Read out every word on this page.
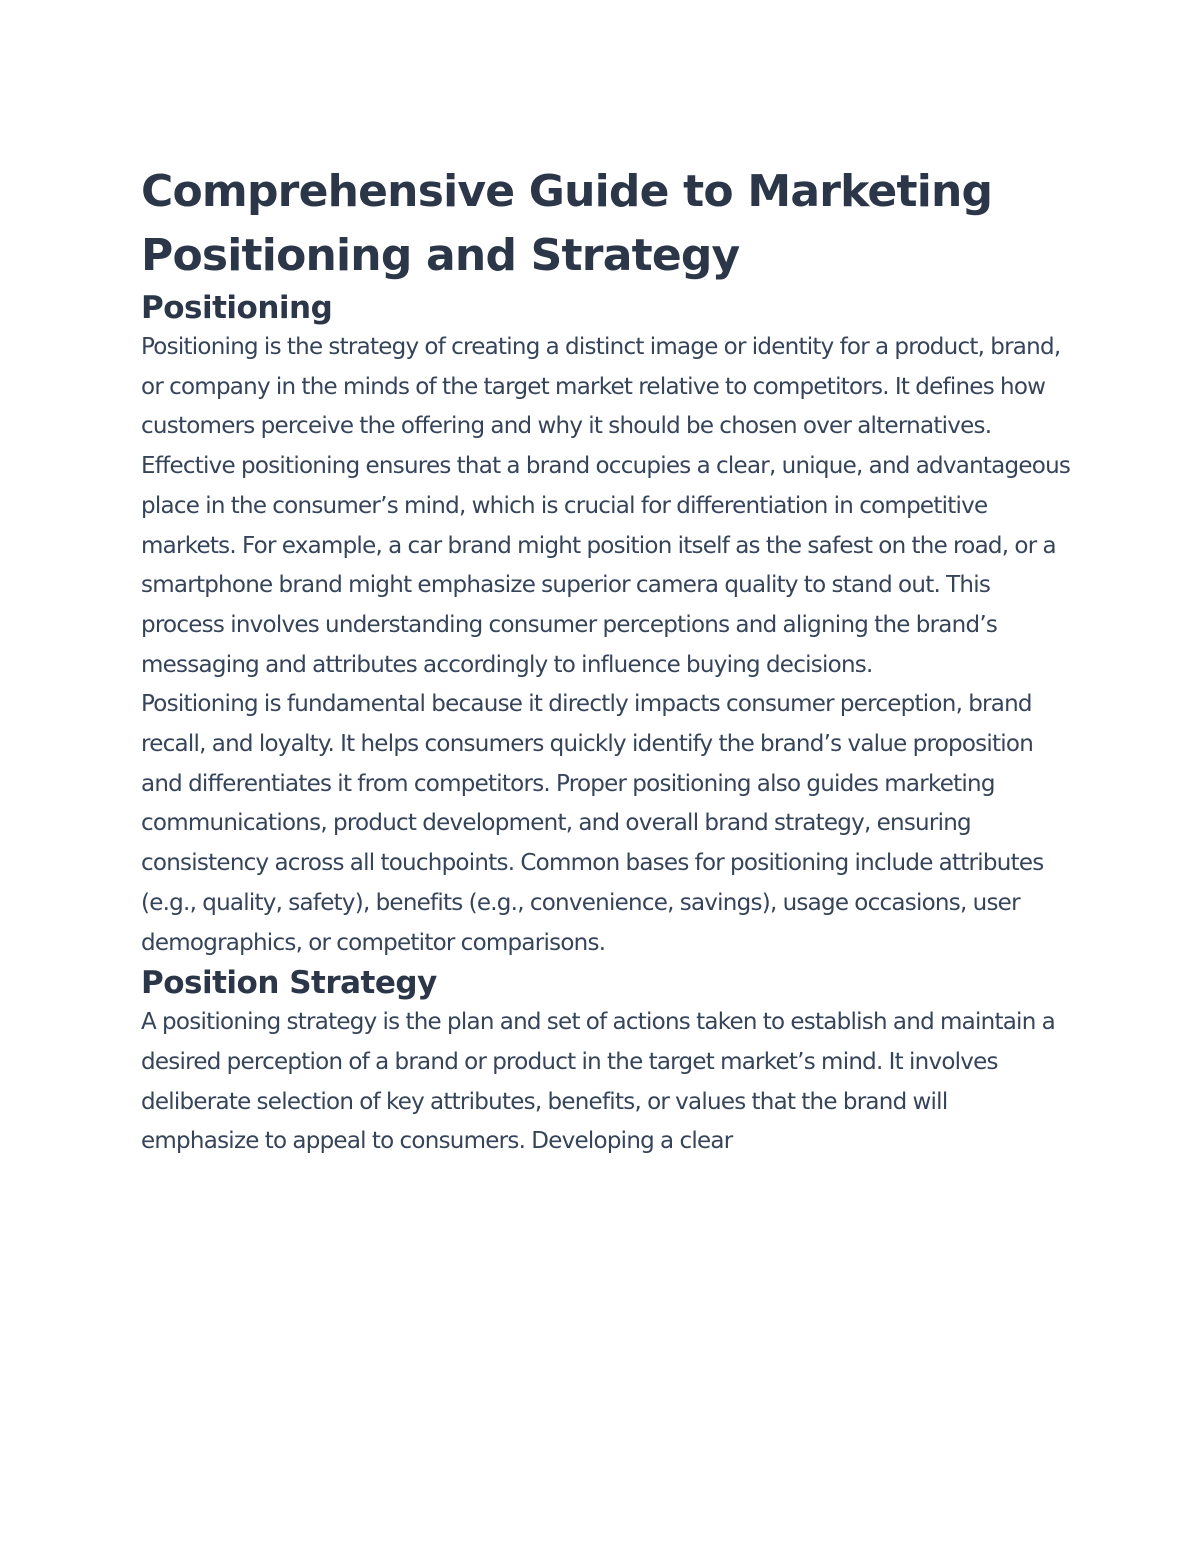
Comprehensive Guide to Marketing Positioning and Strategy
Positioning

Positioning is the strategy of creating a distinct image or identity for a product, brand, or company in the minds of the target market relative to competitors. It defines how customers perceive the offering and why it should be chosen over alternatives. Effective positioning ensures that a brand occupies a clear, unique, and advantageous place in the consumer’s mind, which is crucial for differentiation in competitive markets. For example, a car brand might position itself as the safest on the road, or a smartphone brand might emphasize superior camera quality to stand out. This process involves understanding consumer perceptions and aligning the brand’s messaging and attributes accordingly to influence buying decisions.

Positioning is fundamental because it directly impacts consumer perception, brand recall, and loyalty. It helps consumers quickly identify the brand’s value proposition and differentiates it from competitors. Proper positioning also guides marketing communications, product development, and overall brand strategy, ensuring consistency across all touchpoints. Common bases for positioning include attributes (e.g., quality, safety), benefits (e.g., convenience, savings), usage occasions, user demographics, or competitor comparisons.

Position Strategy

A positioning strategy is the plan and set of actions taken to establish and maintain a desired perception of a brand or product in the target market’s mind. It involves deliberate selection of key attributes, benefits, or values that the brand will emphasize to appeal to consumers. Developing a clear
